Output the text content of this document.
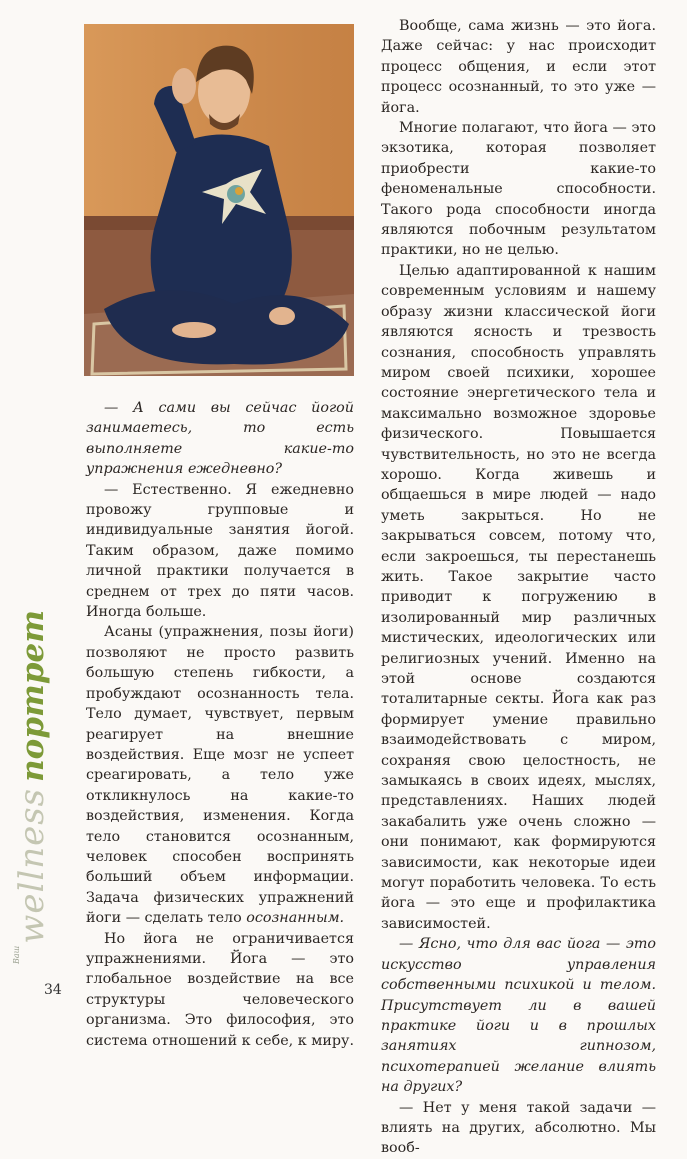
— А сами вы сейчас йогой занимаетесь, то есть выполняете какие-то упражнения ежедневно?

— Естественно. Я ежедневно провожу групповые и индивидуальные занятия йогой. Таким образом, даже помимо личной практики получается в среднем от трех до пяти часов. Иногда больше.

Асаны (упражнения, позы йоги) позволяют не просто развить большую степень гибкости, а пробуждают осознанность тела. Тело думает, чувствует, первым реагирует на внешние воздействия. Еще мозг не успеет среагировать, а тело уже откликнулось на какие-то воздействия, изменения. Когда тело становится осознанным, человек способен воспринять больший объем информации. Задача физических упражнений йоги — сделать тело осознанным.

Но йога не ограничивается упражнениями. Йога — это глобальное воздействие на все структуры человеческого организма. Это философия, это система отношений к себе, к миру.

Вообще, сама жизнь — это йога. Даже сейчас: у нас происходит процесс общения, и если этот процесс осознанный, то это уже — йога.

Многие полагают, что йога — это экзотика, которая позволяет приобрести какие-то феноменальные способности. Такого рода способности иногда являются побочным результатом практики, но не целью.

Целью адаптированной к нашим современным условиям и нашему образу жизни классической йоги являются ясность и трезвость сознания, способность управлять миром своей психики, хорошее состояние энергетического тела и максимально возможное здоровье физического. Повышается чувствительность, но это не всегда хорошо. Когда живешь и общаешься в мире людей — надо уметь закрыться. Но не закрываться совсем, потому что, если закроешься, ты перестанешь жить. Такое закрытие часто приводит к погружению в изолированный мир различных мистических, идеологических или религиозных учений. Именно на этой основе создаются тоталитарные секты. Йога как раз формирует умение правильно взаимодействовать с миром, сохраняя свою целостность, не замыкаясь в своих идеях, мыслях, представлениях. Наших людей закабалить уже очень сложно — они понимают, как формируются зависимости, как некоторые идеи могут поработить человека. То есть йога — это еще и профилактика зависимостей.

— Ясно, что для вас йога — это искусство управления собственными психикой и телом. Присутствует ли в вашей практике йоги и в прошлых занятиях гипнозом, психотерапией желание влиять на других?

— Нет у меня такой задачи — влиять на других, абсолютно. Мы вооб-

$^{Ваш}$wellnessпортрет
34
